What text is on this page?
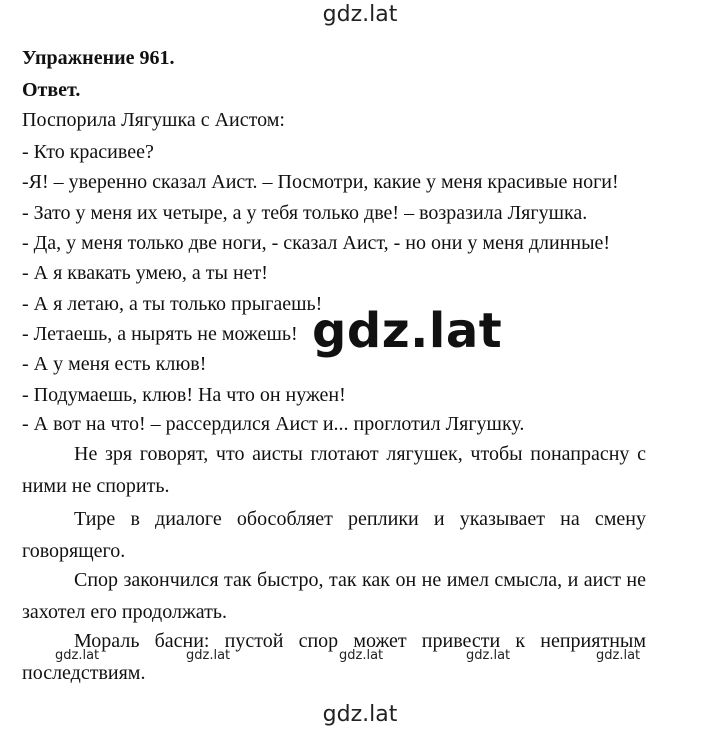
gdz.lat
Упражнение 961.
Ответ.
Поспорила Лягушка с Аистом:
- Кто красивее?
-Я! – уверенно сказал Аист. – Посмотри, какие у меня красивые ноги!
- Зато у меня их четыре, а у тебя только две! – возразила Лягушка.
- Да, у меня только две ноги, - сказал Аист, - но они у меня длинные!
- А я квакать умею, а ты нет!
- А я летаю, а ты только прыгаешь!
- Летаешь, а нырять не можешь!
- А у меня есть клюв!
- Подумаешь, клюв! На что он нужен!
- А вот на что! – рассердился Аист и... проглотил Лягушку.
Не зря говорят, что аисты глотают лягушек, чтобы понапрасну с ними не спорить.
Тире в диалоге обособляет реплики и указывает на смену говорящего.
Спор закончился так быстро, так как он не имел смысла, и аист не захотел его продолжать.
Мораль басни: пустой спор может привести к неприятным последствиям.
gdz.lat
gdz.lat	gdz.lat	gdz.lat	gdz.lat	gdz.lat
gdz.lat
